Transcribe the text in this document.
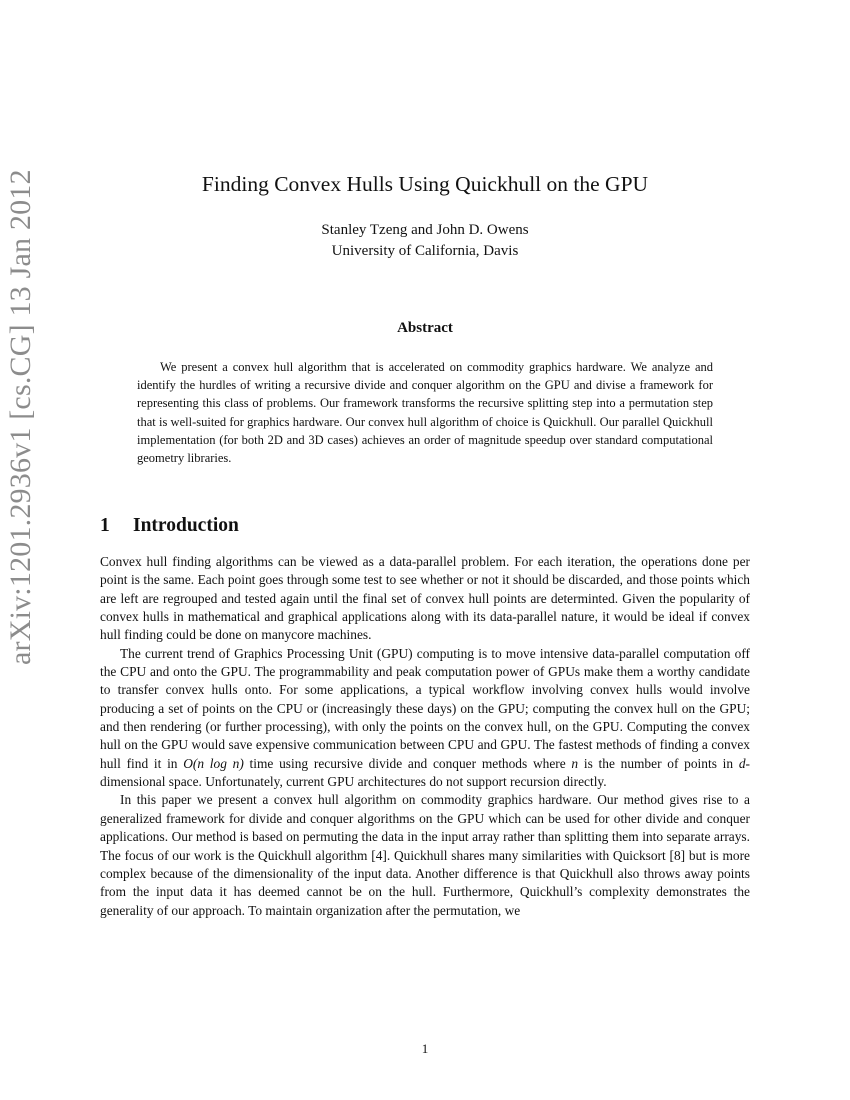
arXiv:1201.2936v1 [cs.CG] 13 Jan 2012	Finding Convex Hulls Using Quickhull on the GPU
Stanley Tzeng and John D. Owens
University of California, Davis
Abstract

We present a convex hull algorithm that is accelerated on commodity graphics hardware. We analyze and identify the hurdles of writing a recursive divide and conquer algorithm on the GPU and divise a framework for representing this class of problems. Our framework transforms the recursive splitting step into a permutation step that is well-suited for graphics hardware. Our convex hull algorithm of choice is Quickhull. Our parallel Quickhull implementation (for both 2D and 3D cases) achieves an order of magnitude speedup over standard computational geometry libraries.

1 Introduction

Convex hull finding algorithms can be viewed as a data-parallel problem. For each iteration, the operations done per point is the same. Each point goes through some test to see whether or not it should be discarded, and those points which are left are regrouped and tested again until the final set of convex hull points are determinted. Given the popularity of convex hulls in mathematical and graphical applications along with its data-parallel nature, it would be ideal if convex hull finding could be done on manycore machines.

The current trend of Graphics Processing Unit (GPU) computing is to move intensive data-parallel computation off the CPU and onto the GPU. The programmability and peak computation power of GPUs make them a worthy candidate to transfer convex hulls onto. For some applications, a typical workflow involving convex hulls would involve producing a set of points on the CPU or (increasingly these days) on the GPU; computing the convex hull on the GPU; and then rendering (or further processing), with only the points on the convex hull, on the GPU. Computing the convex hull on the GPU would save expensive communication between CPU and GPU. The fastest methods of finding a convex hull find it in O(n log n) time using recursive divide and conquer methods where n is the number of points in d-dimensional space. Unfortunately, current GPU architectures do not support recursion directly.

In this paper we present a convex hull algorithm on commodity graphics hardware. Our method gives rise to a generalized framework for divide and conquer algorithms on the GPU which can be used for other divide and conquer applications. Our method is based on permuting the data in the input array rather than splitting them into separate arrays. The focus of our work is the Quickhull algorithm [4]. Quickhull shares many similarities with Quicksort [8] but is more complex because of the dimensionality of the input data. Another difference is that Quickhull also throws away points from the input data it has deemed cannot be on the hull. Furthermore, Quickhull’s complexity demonstrates the generality of our approach. To maintain organization after the permutation, we

1
